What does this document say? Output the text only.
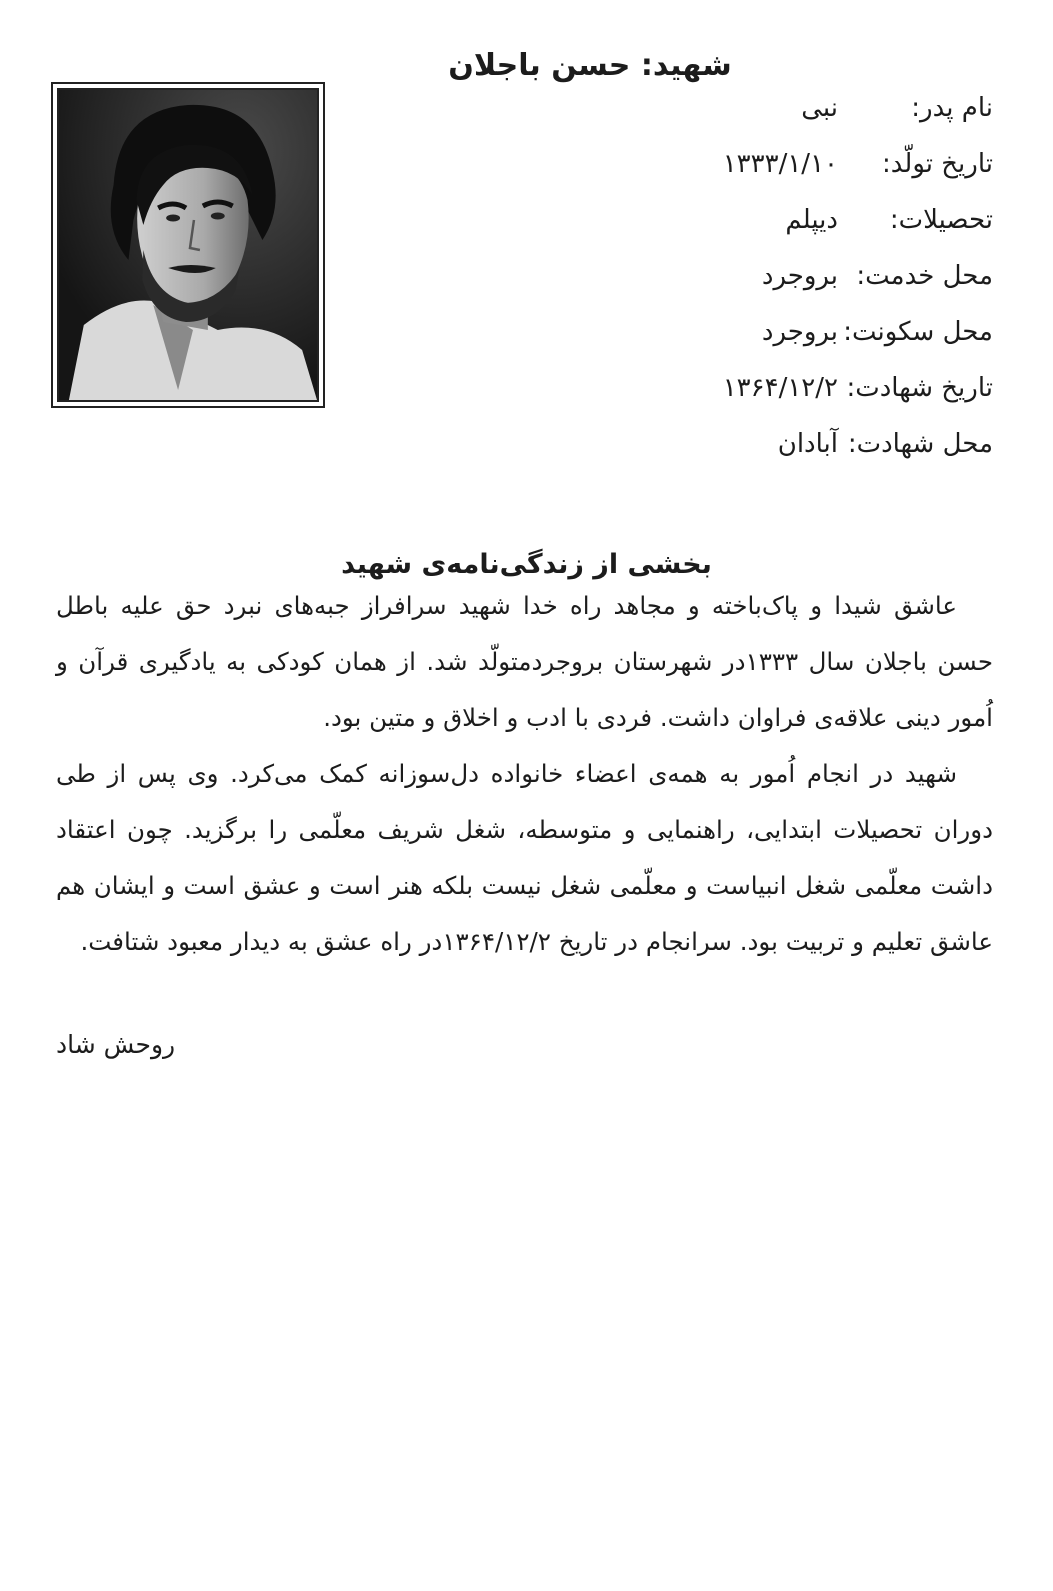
شهید: حسن باجلان
نام پدر:نبی
تاریخ تولّد:۱۳۳۳/۱/۱۰
تحصیلات:دیپلم
محل خدمت:بروجرد
محل سکونت:بروجرد
تاریخ شهادت:۱۳۶۴/۱۲/۲
محل شهادت:آبادان
بخشی از زندگی‌نامه‌ی شهید

عاشق شیدا و پاک‌باخته و مجاهد راه خدا شهید سرافراز جبه‌های نبرد حق علیه باطل حسن باجلان سال ۱۳۳۳در شهرستان بروجردمتولّد شد. از همان کودکی به یادگیری قرآن و اُمور دینی علاقه‌ی فراوان داشت. فردی با ادب و اخلاق و متین بود.

شهید در انجام اُمور به همه‌ی اعضاء خانواده دل‌سوزانه کمک می‌کرد. وی پس از طی دوران تحصیلات ابتدایی، راهنمایی و متوسطه، شغل شریف معلّمی را برگزید. چون اعتقاد داشت معلّمی شغل انبیاست و معلّمی شغل نیست بلکه هنر است و عشق است و ایشان هم عاشق تعلیم و تربیت بود. سرانجام در تاریخ ۱۳۶۴/۱۲/۲در راه عشق به دیدار معبود شتافت.

روحش شاد
